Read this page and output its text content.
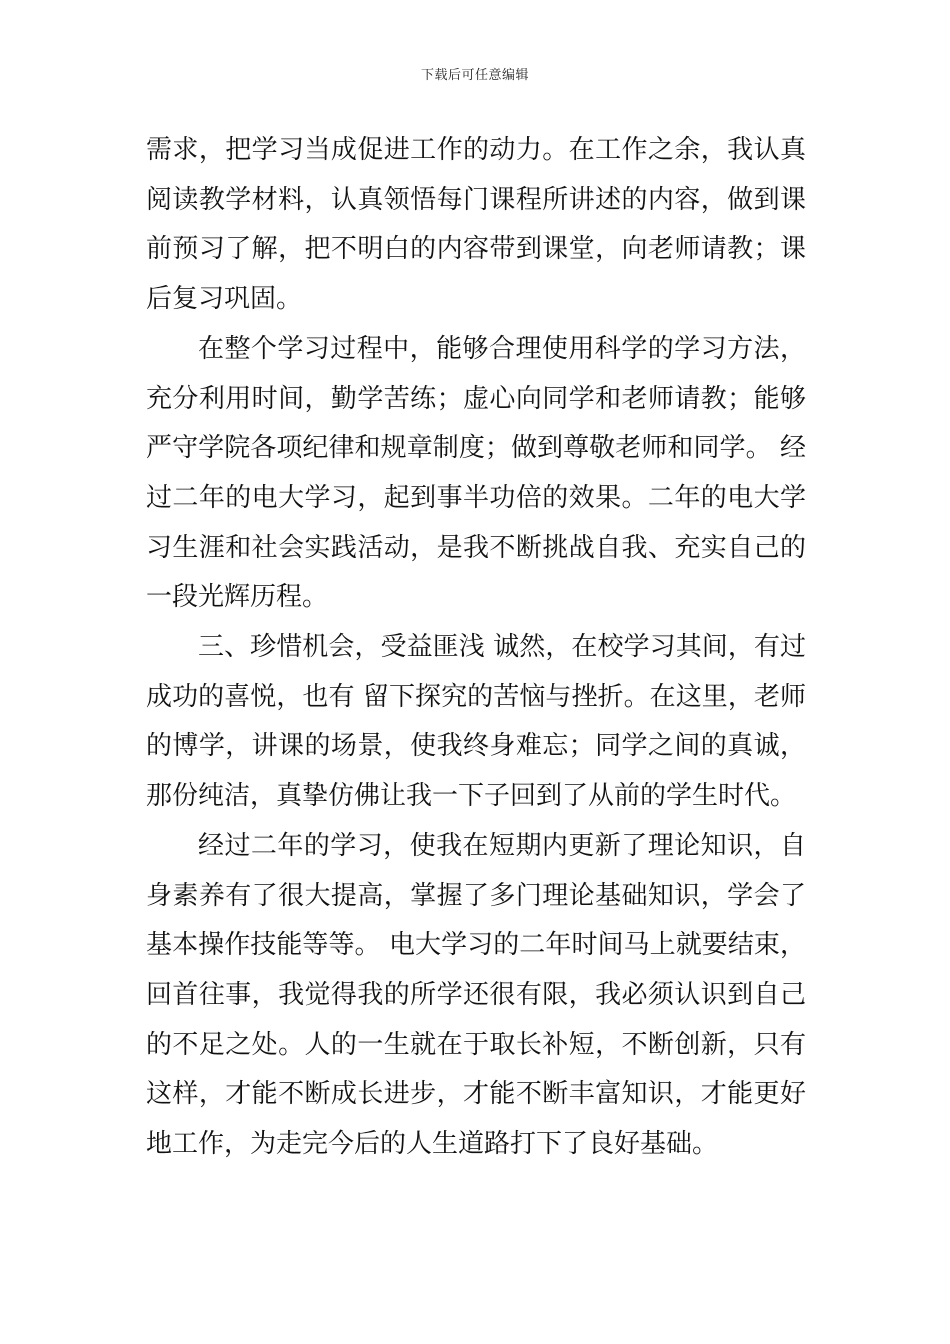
下载后可任意编辑

需求，把学习当成促进工作的动力。在工作之余，我认真阅读教学材料，认真领悟每门课程所讲述的内容，做到课前预习了解，把不明白的内容带到课堂，向老师请教；课后复习巩固。

在整个学习过程中，能够合理使用科学的学习方法，充分利用时间，勤学苦练；虚心向同学和老师请教；能够严守学院各项纪律和规章制度；做到尊敬老师和同学。 经过二年的电大学习，起到事半功倍的效果。二年的电大学习生涯和社会实践活动，是我不断挑战自我、充实自己的一段光辉历程。

三、珍惜机会，受益匪浅 诚然，在校学习其间，有过成功的喜悦，也有 留下探究的苦恼与挫折。在这里，老师的博学，讲课的场景，使我终身难忘；同学之间的真诚，那份纯洁，真挚仿佛让我一下子回到了从前的学生时代。

经过二年的学习，使我在短期内更新了理论知识，自身素养有了很大提高，掌握了多门理论基础知识，学会了基本操作技能等等。 电大学习的二年时间马上就要结束，回首往事，我觉得我的所学还很有限，我必须认识到自己的不足之处。人的一生就在于取长补短，不断创新，只有这样，才能不断成长进步，才能不断丰富知识，才能更好地工作，为走完今后的人生道路打下了良好基础。
